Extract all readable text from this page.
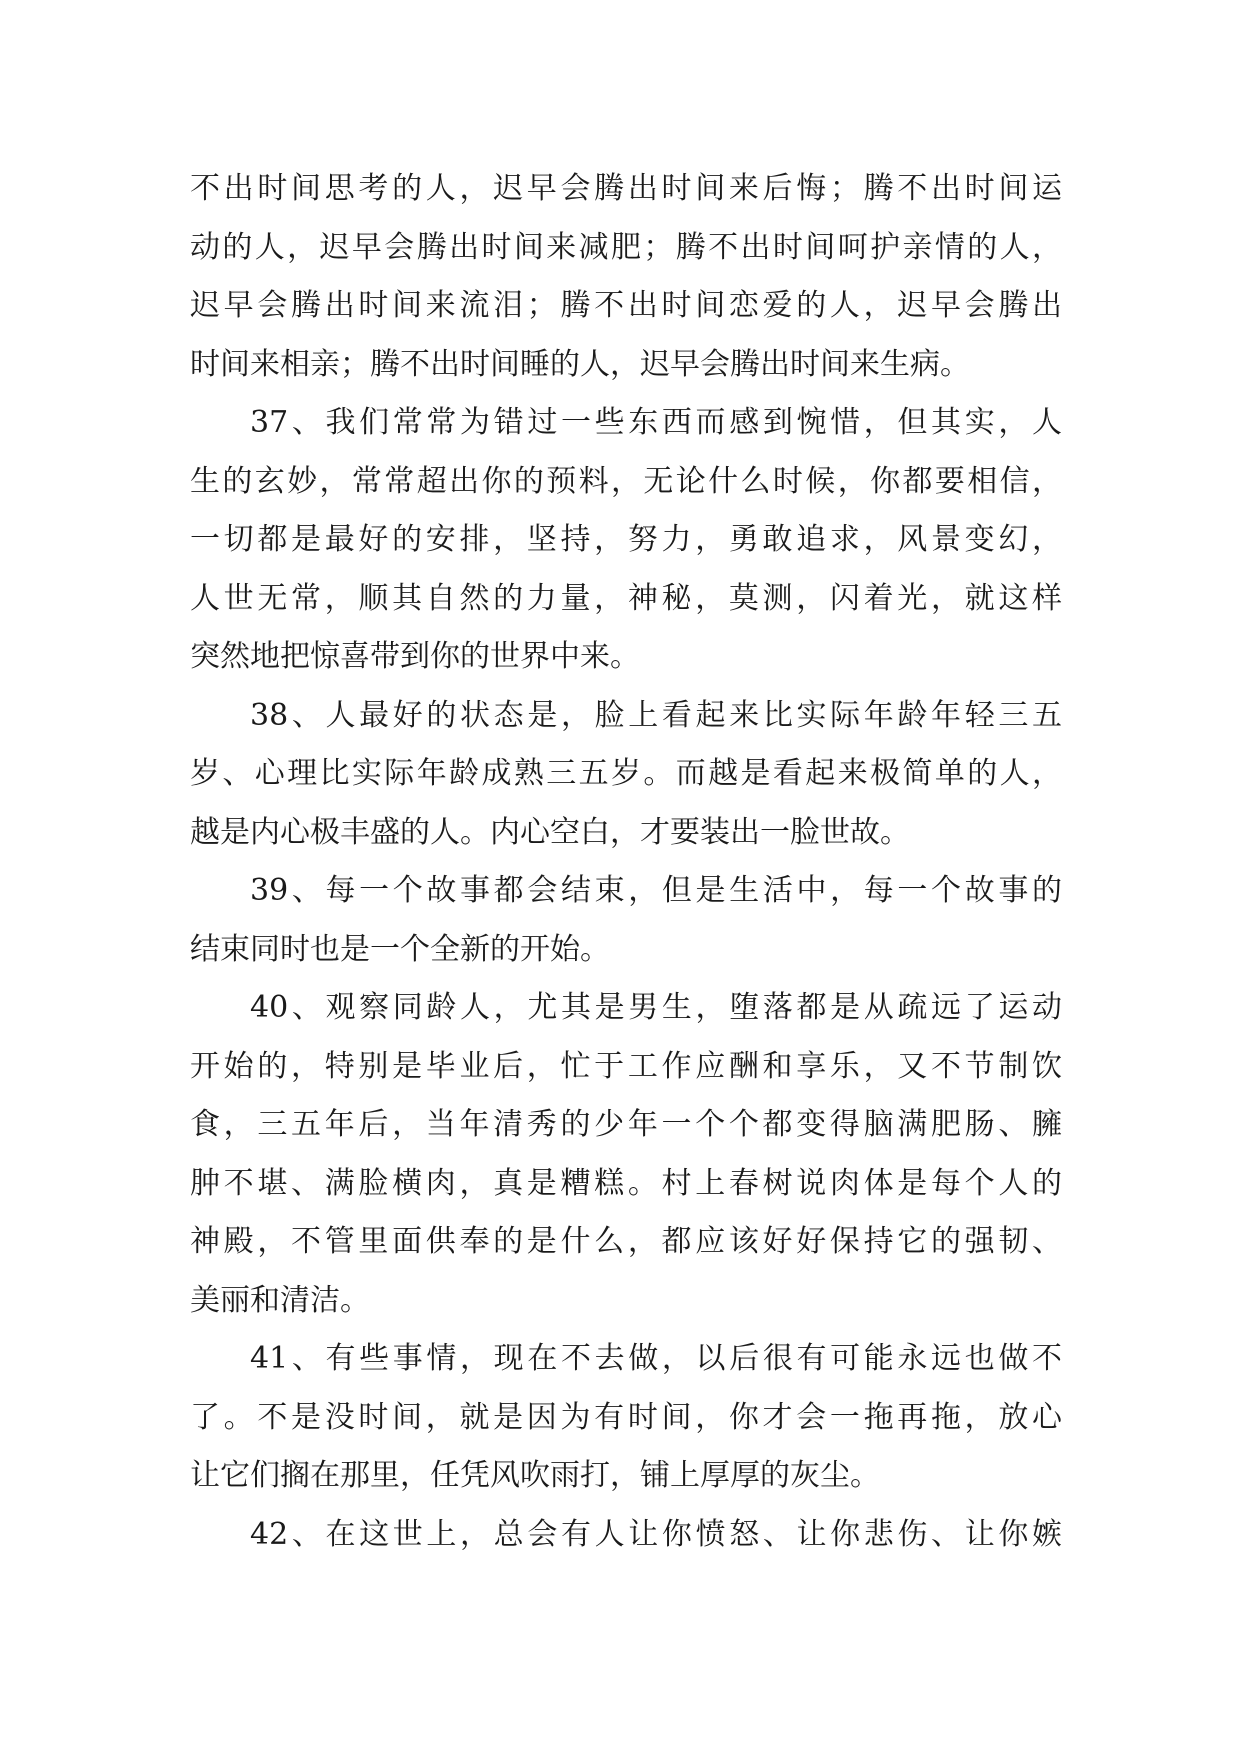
不出时间思考的人，迟早会腾出时间来后悔；腾不出时间运
动的人，迟早会腾出时间来减肥；腾不出时间呵护亲情的人，
迟早会腾出时间来流泪；腾不出时间恋爱的人，迟早会腾出
时间来相亲；腾不出时间睡的人，迟早会腾出时间来生病。
37、我们常常为错过一些东西而感到惋惜，但其实，人
生的玄妙，常常超出你的预料，无论什么时候，你都要相信，
一切都是最好的安排，坚持，努力，勇敢追求，风景变幻，
人世无常，顺其自然的力量，神秘，莫测，闪着光，就这样
突然地把惊喜带到你的世界中来。
38、人最好的状态是，脸上看起来比实际年龄年轻三五
岁、心理比实际年龄成熟三五岁。而越是看起来极简单的人，
越是内心极丰盛的人。内心空白，才要装出一脸世故。
39、每一个故事都会结束，但是生活中，每一个故事的
结束同时也是一个全新的开始。
40、观察同龄人，尤其是男生，堕落都是从疏远了运动
开始的，特别是毕业后，忙于工作应酬和享乐，又不节制饮
食，三五年后，当年清秀的少年一个个都变得脑满肥肠、臃
肿不堪、满脸横肉，真是糟糕。村上春树说肉体是每个人的
神殿，不管里面供奉的是什么，都应该好好保持它的强韧、
美丽和清洁。
41、有些事情，现在不去做，以后很有可能永远也做不
了。不是没时间，就是因为有时间，你才会一拖再拖，放心
让它们搁在那里，任凭风吹雨打，铺上厚厚的灰尘。
42、在这世上，总会有人让你愤怒、让你悲伤、让你嫉
